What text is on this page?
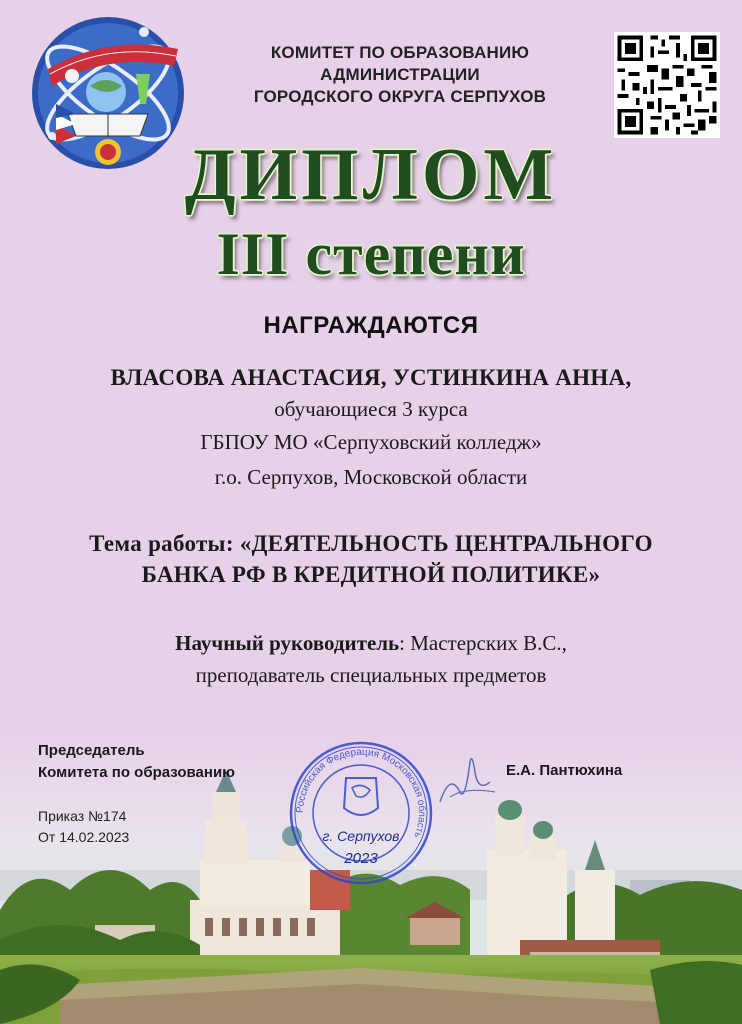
КОМИТЕТ ПО ОБРАЗОВАНИЮ
АДМИНИСТРАЦИИ
ГОРОДСКОГО ОКРУГА СЕРПУХОВ
ДИПЛОМ
III степени
НАГРАЖДАЮТСЯ
ВЛАСОВА АНАСТАСИЯ, УСТИНКИНА АННА,
обучающиеся 3 курса
ГБПОУ МО «Серпуховский колледж»
г.о. Серпухов, Московской области
Тема работы: «ДЕЯТЕЛЬНОСТЬ ЦЕНТРАЛЬНОГО
БАНКА РФ В КРЕДИТНОЙ ПОЛИТИКЕ»
Научный руководитель: Мастерских В.С.,
преподаватель специальных предметов
Председатель
Комитета по образованию	Е.А. Пантюхина
Приказ №174
От 14.02.2023
Российская Федерация Московская область
г. Серпухов
2023
